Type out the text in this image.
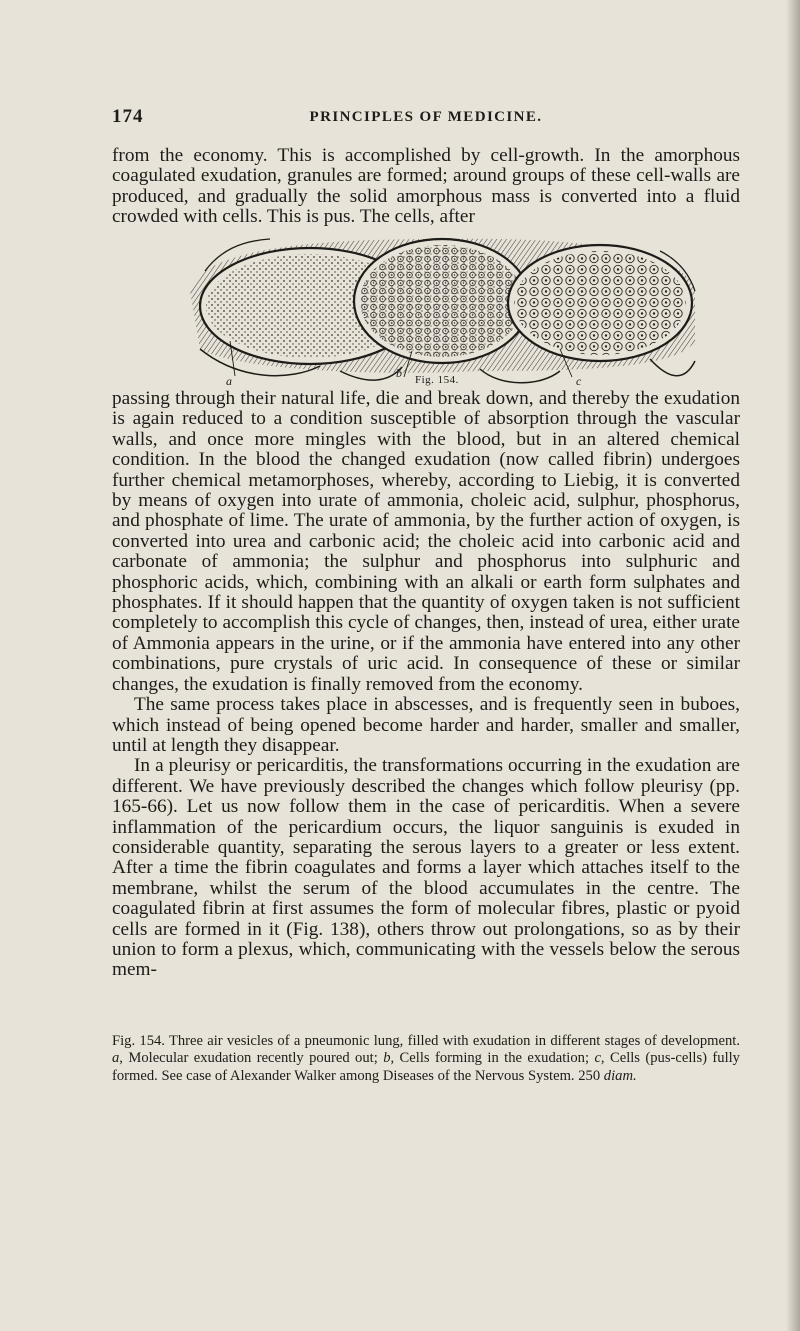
174	PRINCIPLES OF MEDICINE.

from the economy. This is accomplished by cell-growth. In the amorphous coagulated exudation, granules are formed; around groups of these cell-walls are produced, and gradually the solid amorphous mass is converted into a fluid crowded with cells. This is pus. The cells, after

a
b
c
Fig. 154.

passing through their natural life, die and break down, and thereby the exudation is again reduced to a condition susceptible of absorption through the vascular walls, and once more mingles with the blood, but in an altered chemical condition. In the blood the changed exudation (now called fibrin) undergoes further chemical metamorphoses, whereby, according to Liebig, it is converted by means of oxygen into urate of ammonia, choleic acid, sulphur, phosphorus, and phosphate of lime. The urate of ammonia, by the further action of oxygen, is converted into urea and carbonic acid; the choleic acid into carbonic acid and carbonate of ammonia; the sulphur and phosphorus into sulphuric and phosphoric acids, which, combining with an alkali or earth form sulphates and phosphates. If it should happen that the quantity of oxygen taken is not sufficient completely to accomplish this cycle of changes, then, instead of urea, either urate of Ammonia appears in the urine, or if the ammonia have entered into any other combinations, pure crystals of uric acid. In consequence of these or similar changes, the exudation is finally removed from the economy.

The same process takes place in abscesses, and is frequently seen in buboes, which instead of being opened become harder and harder, smaller and smaller, until at length they disappear.

In a pleurisy or pericarditis, the transformations occurring in the exudation are different. We have previously described the changes which follow pleurisy (pp. 165-66). Let us now follow them in the case of pericarditis. When a severe inflammation of the pericardium occurs, the liquor sanguinis is exuded in considerable quantity, separating the serous layers to a greater or less extent. After a time the fibrin coagulates and forms a layer which attaches itself to the membrane, whilst the serum of the blood accumulates in the centre. The coagulated fibrin at first assumes the form of molecular fibres, plastic or pyoid cells are formed in it (Fig. 138), others throw out prolongations, so as by their union to form a plexus, which, communicating with the vessels below the serous mem-

Fig. 154. Three air vesicles of a pneumonic lung, filled with exudation in different stages of development. a, Molecular exudation recently poured out; b, Cells forming in the exudation; c, Cells (pus-cells) fully formed. See case of Alexander Walker among Diseases of the Nervous System. 250 diam.
